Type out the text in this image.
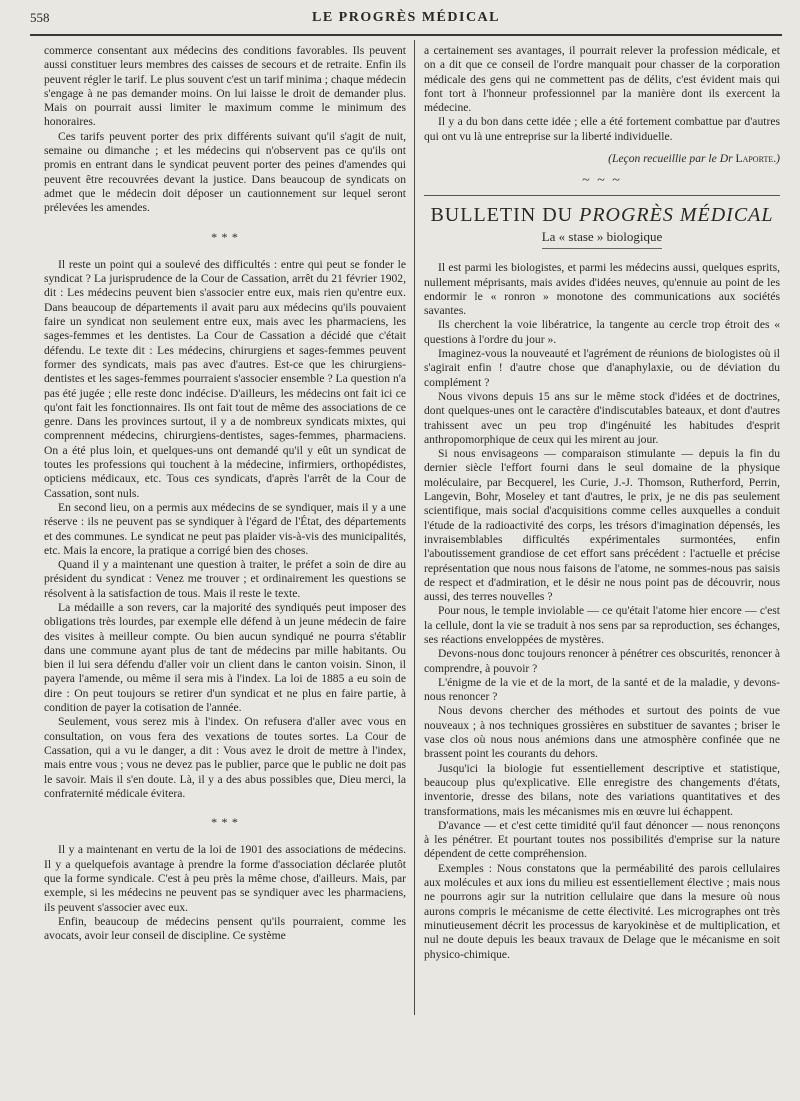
558	LE PROGRÈS MÉDICAL

commerce consentant aux médecins des conditions favorables. Ils peuvent aussi constituer leurs membres des caisses de secours et de retraite. Enfin ils peuvent régler le tarif. Le plus souvent c'est un tarif minima ; chaque médecin s'engage à ne pas demander moins. On lui laisse le droit de demander plus. Mais on pourrait aussi limiter le maximum comme le minimum des honoraires.

Ces tarifs peuvent porter des prix différents suivant qu'il s'agit de nuit, semaine ou dimanche ; et les médecins qui n'observent pas ce qu'ils ont promis en entrant dans le syndicat peuvent porter des peines d'amendes qui peuvent être recouvrées devant la justice. Dans beaucoup de syndicats on admet que le médecin doit déposer un cautionnement sur lequel seront prélevées les amendes.

* * *

Il reste un point qui a soulevé des difficultés : entre qui peut se fonder le syndicat ? La jurisprudence de la Cour de Cassation, arrêt du 21 février 1902, dit : Les médecins peuvent bien s'associer entre eux, mais rien qu'entre eux. Dans beaucoup de départements il avait paru aux médecins qu'ils pouvaient faire un syndicat non seulement entre eux, mais avec les pharmaciens, les sages-femmes et les dentistes. La Cour de Cassation a décidé que c'était défendu. Le texte dit : Les médecins, chirurgiens et sages-femmes peuvent former des syndicats, mais pas avec d'autres. Est-ce que les chirurgiens-dentistes et les sages-femmes pourraient s'associer ensemble ? La question n'a pas été jugée ; elle reste donc indécise. D'ailleurs, les médecins ont fait ici ce qu'ont fait les fonctionnaires. Ils ont fait tout de même des associations de ce genre. Dans les provinces surtout, il y a de nombreux syndicats mixtes, qui comprennent médecins, chirurgiens-dentistes, sages-femmes, pharmaciens. On a été plus loin, et quelques-uns ont demandé qu'il y eût un syndicat de toutes les professions qui touchent à la médecine, infirmiers, orthopédistes, opticiens médicaux, etc. Tous ces syndicats, d'après l'arrêt de la Cour de Cassation, sont nuls.

En second lieu, on a permis aux médecins de se syndiquer, mais il y a une réserve : ils ne peuvent pas se syndiquer à l'égard de l'État, des départements et des communes. Le syndicat ne peut pas plaider vis-à-vis des municipalités, etc. Mais la encore, la pratique a corrigé bien des choses.

Quand il y a maintenant une question à traiter, le préfet a soin de dire au président du syndicat : Venez me trouver ; et ordinairement les questions se résolvent à la satisfaction de tous. Mais il reste le texte.

La médaille a son revers, car la majorité des syndiqués peut imposer des obligations très lourdes, par exemple elle défend à un jeune médecin de faire des visites à meilleur compte. Ou bien aucun syndiqué ne pourra s'établir dans une commune ayant plus de tant de médecins par mille habitants. Ou bien il lui sera défendu d'aller voir un client dans le canton voisin. Sinon, il payera l'amende, ou même il sera mis à l'index. La loi de 1885 a eu soin de dire : On peut toujours se retirer d'un syndicat et ne plus en faire partie, à condition de payer la cotisation de l'année.

Seulement, vous serez mis à l'index. On refusera d'aller avec vous en consultation, on vous fera des vexations de toutes sortes. La Cour de Cassation, qui a vu le danger, a dit : Vous avez le droit de mettre à l'index, mais entre vous ; vous ne devez pas le publier, parce que le public ne doit pas le savoir. Mais il s'en doute. Là, il y a des abus possibles que, Dieu merci, la confraternité médicale évitera.

* * *

Il y a maintenant en vertu de la loi de 1901 des associations de médecins. Il y a quelquefois avantage à prendre la forme d'association déclarée plutôt que la forme syndicale. C'est à peu près la même chose, d'ailleurs. Mais, par exemple, si les médecins ne peuvent pas se syndiquer avec les pharmaciens, ils peuvent s'associer avec eux.

Enfin, beaucoup de médecins pensent qu'ils pourraient, comme les avocats, avoir leur conseil de discipline. Ce système

a certainement ses avantages, il pourrait relever la profession médicale, et on a dit que ce conseil de l'ordre manquait pour chasser de la corporation médicale des gens qui ne commettent pas de délits, c'est évident mais qui font tort à l'honneur professionnel par la manière dont ils exercent la médecine.

Il y a du bon dans cette idée ; elle a été fortement combattue par d'autres qui ont vu là une entreprise sur la liberté individuelle.

(Leçon recueillie par le Dr Laporte.)
~ ~ ~
BULLETIN DU PROGRÈS MÉDICAL
La « stase » biologique

Il est parmi les biologistes, et parmi les médecins aussi, quelques esprits, nullement méprisants, mais avides d'idées neuves, qu'ennuie au point de les endormir le « ronron » monotone des communications aux sociétés savantes.

Ils cherchent la voie libératrice, la tangente au cercle trop étroit des « questions à l'ordre du jour ».

Imaginez-vous la nouveauté et l'agrément de réunions de biologistes où il s'agirait enfin ! d'autre chose que d'anaphylaxie, ou de déviation du complément ?

Nous vivons depuis 15 ans sur le même stock d'idées et de doctrines, dont quelques-unes ont le caractère d'indiscutables bateaux, et dont d'autres trahissent avec un peu trop d'ingénuité les habitudes d'esprit anthropomorphique de ceux qui les mirent au jour.

Si nous envisageons — comparaison stimulante — depuis la fin du dernier siècle l'effort fourni dans le seul domaine de la physique moléculaire, par Becquerel, les Curie, J.-J. Thomson, Rutherford, Perrin, Langevin, Bohr, Moseley et tant d'autres, le prix, je ne dis pas seulement scientifique, mais social d'acquisitions comme celles auxquelles a conduit l'étude de la radioactivité des corps, les trésors d'imagination dépensés, les invraisemblables difficultés expérimentales surmontées, enfin l'aboutissement grandiose de cet effort sans précédent : l'actuelle et précise représentation que nous nous faisons de l'atome, ne sommes-nous pas saisis de respect et d'admiration, et le désir ne nous point pas de découvrir, nous aussi, des terres nouvelles ?

Pour nous, le temple inviolable — ce qu'était l'atome hier encore — c'est la cellule, dont la vie se traduit à nos sens par sa reproduction, ses échanges, ses réactions enveloppées de mystères.

Devons-nous donc toujours renoncer à pénétrer ces obscurités, renoncer à comprendre, à pouvoir ?

L'énigme de la vie et de la mort, de la santé et de la maladie, y devons-nous renoncer ?

Nous devons chercher des méthodes et surtout des points de vue nouveaux ; à nos techniques grossières en substituer de savantes ; briser le vase clos où nous nous anémions dans une atmosphère confinée que ne brassent point les courants du dehors.

Jusqu'ici la biologie fut essentiellement descriptive et statistique, beaucoup plus qu'explicative. Elle enregistre des changements d'états, inventorie, dresse des bilans, note des variations quantitatives et des transformations, mais les mécanismes mis en œuvre lui échappent.

D'avance — et c'est cette timidité qu'il faut dénoncer — nous renonçons à les pénétrer. Et pourtant toutes nos possibilités d'emprise sur la nature dépendent de cette compréhension.

Exemples : Nous constatons que la perméabilité des parois cellulaires aux molécules et aux ions du milieu est essentiellement élective ; mais nous ne pourrons agir sur la nutrition cellulaire que dans la mesure où nous aurons compris le mécanisme de cette électivité. Les micrographes ont très minutieusement décrit les processus de karyokinèse et de multiplication, et nul ne doute depuis les beaux travaux de Delage que le mécanisme en soit physico-chimique.
